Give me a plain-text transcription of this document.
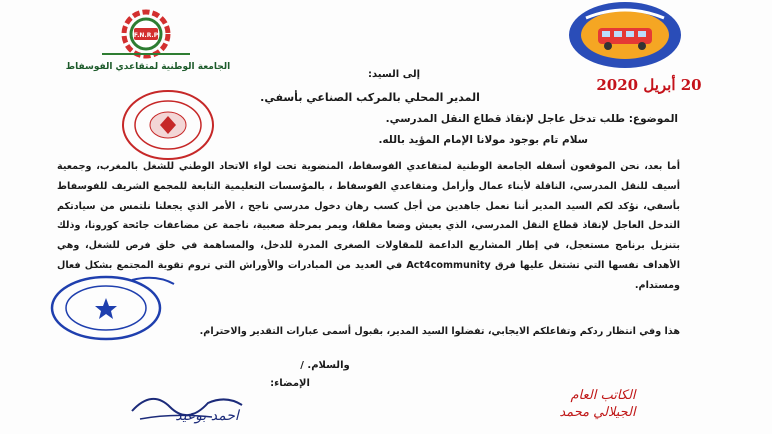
F.N.R.P
الجامعة الوطنية لمتقاعدي الفوسفاط
20 أبريل 2020
إلى السيد:
المدير المحلي بالمركب الصناعي بأسفي.
الموضوع: طلب تدخل عاجل لإنقاذ قطاع النقل المدرسي.
سلام تام بوجود مولانا الإمام المؤيد بالله.
أما بعد، نحن الموقعون أسفله الجامعة الوطنية لمتقاعدي الفوسفاط، المنضوية تحت لواء الاتحاد الوطني للشغل بالمغرب، وجمعية أسيف للنقل المدرسي، الناقلة لأبناء عمال وأرامل ومتقاعدي الفوسفاط ، بالمؤسسات التعليمية التابعة للمجمع الشريف للفوسفاط بأسفي، نؤكد لكم السيد المدير أننا نعمل جاهدين من أجل كسب رهان دخول مدرسي ناجح ، الأمر الذي يجعلنا نلتمس من سيادتكم التدخل العاجل لإنقاذ قطاع النقل المدرسي، الذي يعيش وضعا مقلقا، ويمر بمرحلة صعبية، ناجمة عن مضاعفات جائحة كورونا، وذلك بتنزيل برنامج مستعجل، في إطار المشاريع الداعمة للمقاولات الصغرى المدرة للدخل، والمساهمة في خلق فرص للشغل، وهي الأهداف نفسها التي تشتغل عليها فرق Act4community في العديد من المبادرات والأوراش التي تروم تقوية المجتمع بشكل فعال ومستدام.
هذا وفي انتظار ردكم وتفاعلكم الايجابي، تفضلوا السيد المدير، بقبول أسمى عبارات التقدير والاحترام.
والسلام. /
الإمضاء:
احمد بوعيد
الكاتب العام
الجيلالي محمد
